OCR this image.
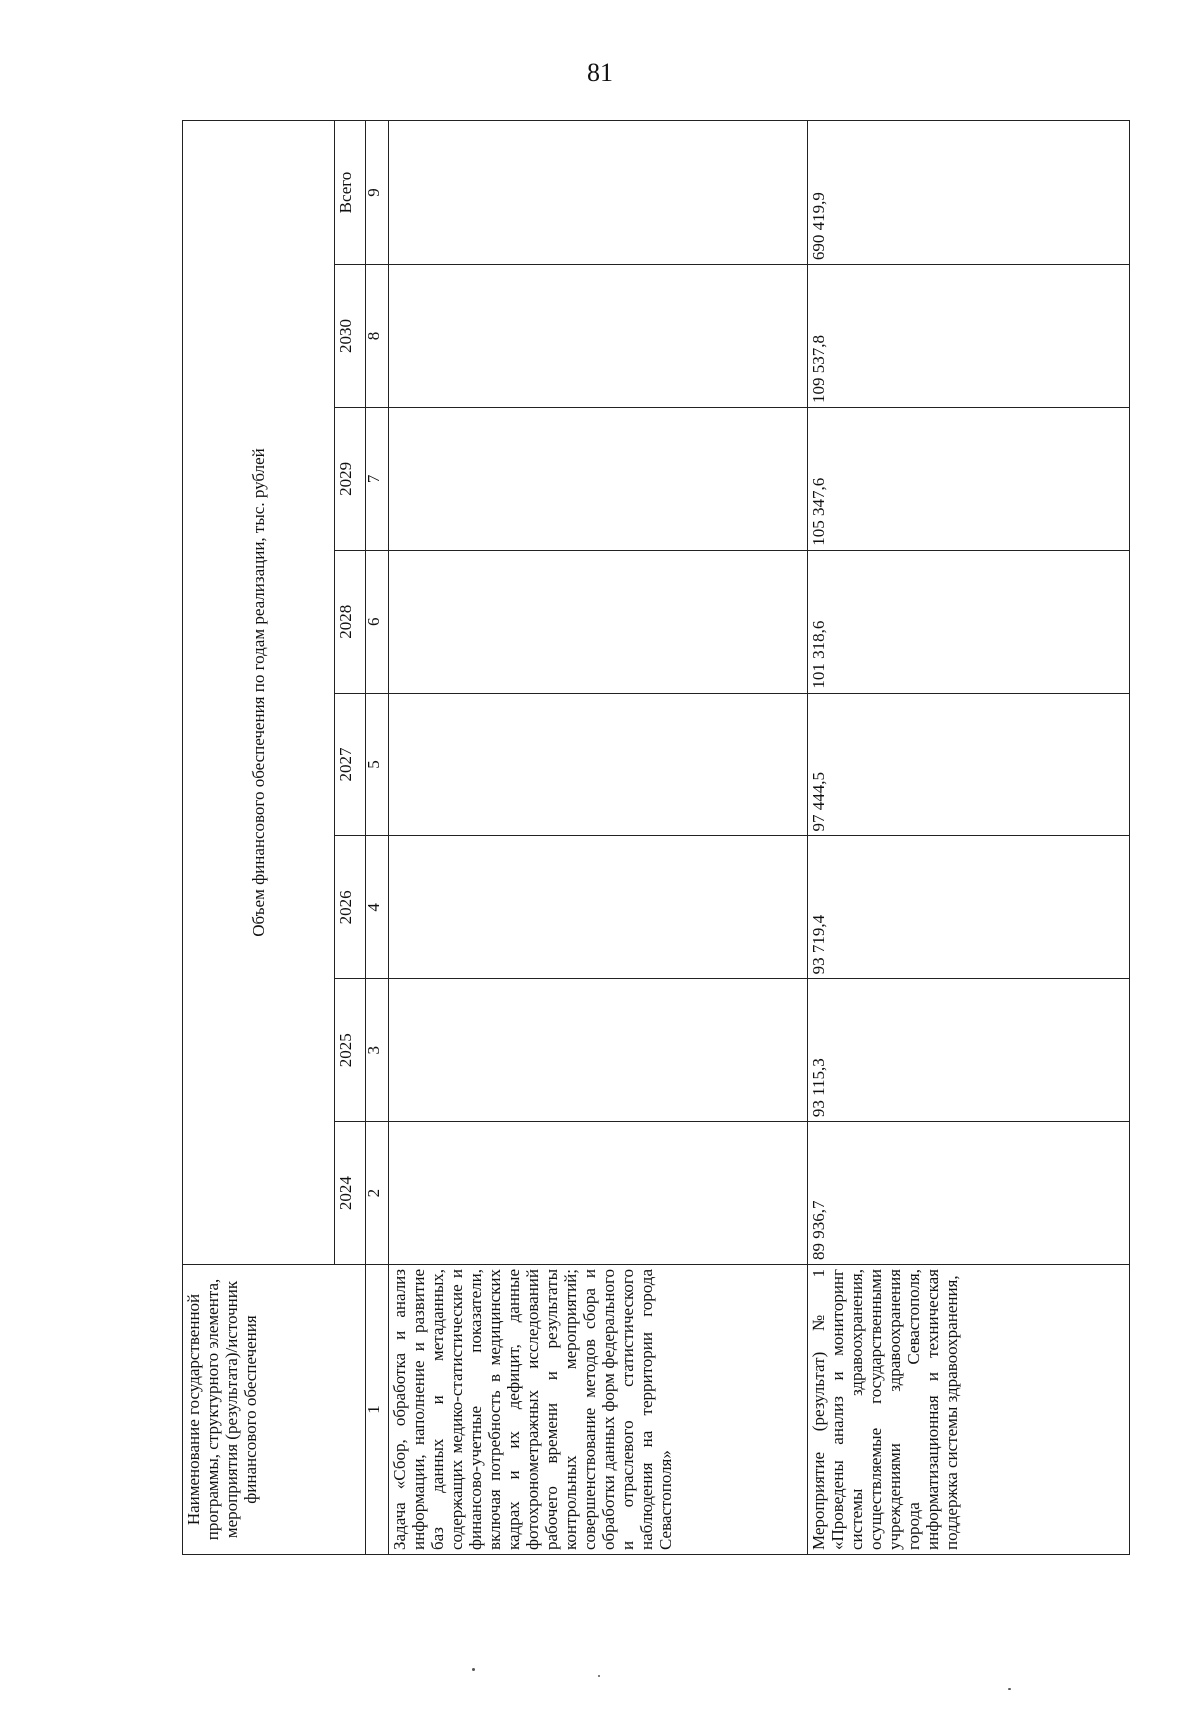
81
Наименование государственной программы, структурного элемента, мероприятия (результата)/источник финансового обеспечения	Объем финансового обеспечения по годам реализации, тыс. рублей							
	2024	2025	2026	2027	2028	2029	2030	Всего
1	2	3	4	5	6	7	8	9
Задача «Сбор, обработка и анализ информации, наполнение и развитие баз данных и метаданных, содержащих медико-статистические и финансово-учетные показатели, включая потребность в медицинских кадрах и их дефицит, данные фотохронометражных исследований рабочего времени и результаты контрольных мероприятий; совершенствование методов сбора и обработки данных форм федерального и отраслевого статистического наблюдения на территории города Севастополя»								
Мероприятие (результат) № 1 «Проведены анализ и мониторинг системы здравоохранения, осуществляемые государственными учреждениями здравоохранения города Севастополя, информатизационная и техническая поддержка системы здравоохранения,	89 936,7	93 115,3	93 719,4	97 444,5	101 318,6	105 347,6	109 537,8	690 419,9
